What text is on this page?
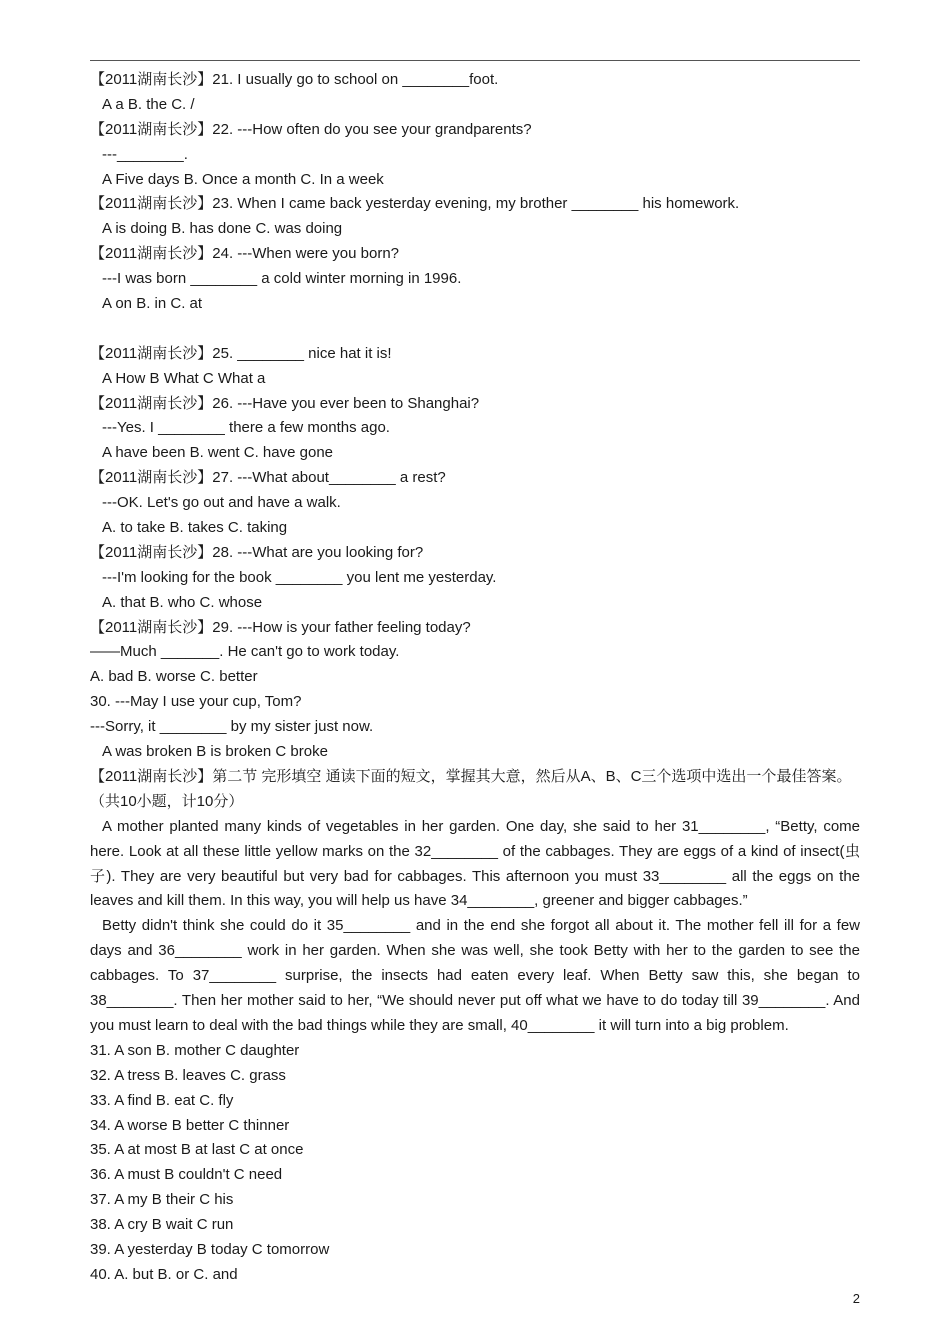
【2011湖南长沙】21. I usually go to school on ________foot.
A a B. the C. /
【2011湖南长沙】22. ---How often do you see your grandparents?
---________.
A Five days B. Once a month C. In a week
【2011湖南长沙】23. When I came back yesterday evening, my brother ________ his homework.
A is doing B. has done C. was doing
【2011湖南长沙】24. ---When were you born?
---I was born ________ a cold winter morning in 1996.
A on B. in C. at
【2011湖南长沙】25. ________ nice hat it is!
A How B What C What a
【2011湖南长沙】26. ---Have you ever been to Shanghai?
---Yes. I ________ there a few months ago.
A have been B. went C. have gone
【2011湖南长沙】27. ---What about________ a rest?
---OK. Let's go out and have a walk.
A. to take B. takes C. taking
【2011湖南长沙】28. ---What are you looking for?
---I'm looking for the book ________ you lent me yesterday.
A. that B. who C. whose
【2011湖南长沙】29. ---How is your father feeling today?
——Much _______. He can't go to work today.
A. bad B. worse C. better
30. ---May I use your cup, Tom?
---Sorry, it ________ by my sister just now.
A was broken B is broken C broke
【2011湖南长沙】第二节 完形填空 通读下面的短文，掌握其大意，然后从A、B、C三个选项中选出一个最佳答案。（共10小题，计10分）
A mother planted many kinds of vegetables in her garden. One day, she said to her 31________, “Betty, come here. Look at all these little yellow marks on the 32________ of the cabbages. They are eggs of a kind of insect(虫子). They are very beautiful but very bad for cabbages. This afternoon you must 33________ all the eggs on the leaves and kill them. In this way, you will help us have 34________, greener and bigger cabbages.”
Betty didn't think she could do it 35________ and in the end she forgot all about it. The mother fell ill for a few days and 36________ work in her garden. When she was well, she took Betty with her to the garden to see the cabbages. To 37________ surprise, the insects had eaten every leaf. When Betty saw this, she began to 38________. Then her mother said to her, “We should never put off what we have to do today till 39________. And you must learn to deal with the bad things while they are small, 40________ it will turn into a big problem.
31. A son B. mother C daughter
32. A tress B. leaves C. grass
33. A find B. eat C. fly
34. A worse B better C thinner
35. A at most B at last C at once
36. A must B couldn't C need
37. A my B their C his
38. A cry B wait C run
39. A yesterday B today C tomorrow
40. A. but B. or C. and
2
